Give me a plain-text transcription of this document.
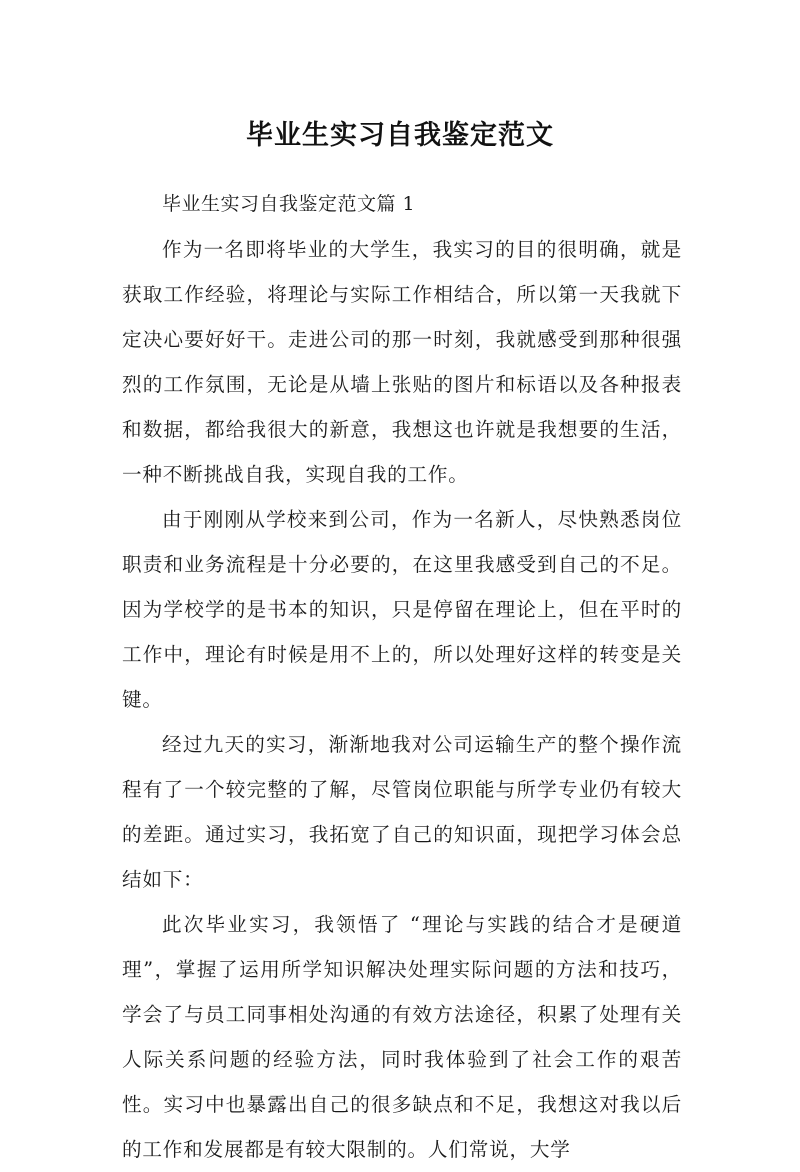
毕业生实习自我鉴定范文

毕业生实习自我鉴定范文篇 1

作为一名即将毕业的大学生，我实习的目的很明确，就是获取工作经验，将理论与实际工作相结合，所以第一天我就下定决心要好好干。走进公司的那一时刻，我就感受到那种很强烈的工作氛围，无论是从墙上张贴的图片和标语以及各种报表和数据，都给我很大的新意，我想这也许就是我想要的生活，一种不断挑战自我，实现自我的工作。

由于刚刚从学校来到公司，作为一名新人，尽快熟悉岗位职责和业务流程是十分必要的，在这里我感受到自己的不足。因为学校学的是书本的知识，只是停留在理论上，但在平时的工作中，理论有时候是用不上的，所以处理好这样的转变是关键。

经过九天的实习，渐渐地我对公司运输生产的整个操作流程有了一个较完整的了解，尽管岗位职能与所学专业仍有较大的差距。通过实习，我拓宽了自己的知识面，现把学习体会总结如下：

此次毕业实习，我领悟了 “理论与实践的结合才是硬道理”，掌握了运用所学知识解决处理实际问题的方法和技巧，学会了与员工同事相处沟通的有效方法途径，积累了处理有关人际关系问题的经验方法，同时我体验到了社会工作的艰苦性。实习中也暴露出自己的很多缺点和不足，我想这对我以后的工作和发展都是有较大限制的。人们常说，大学
